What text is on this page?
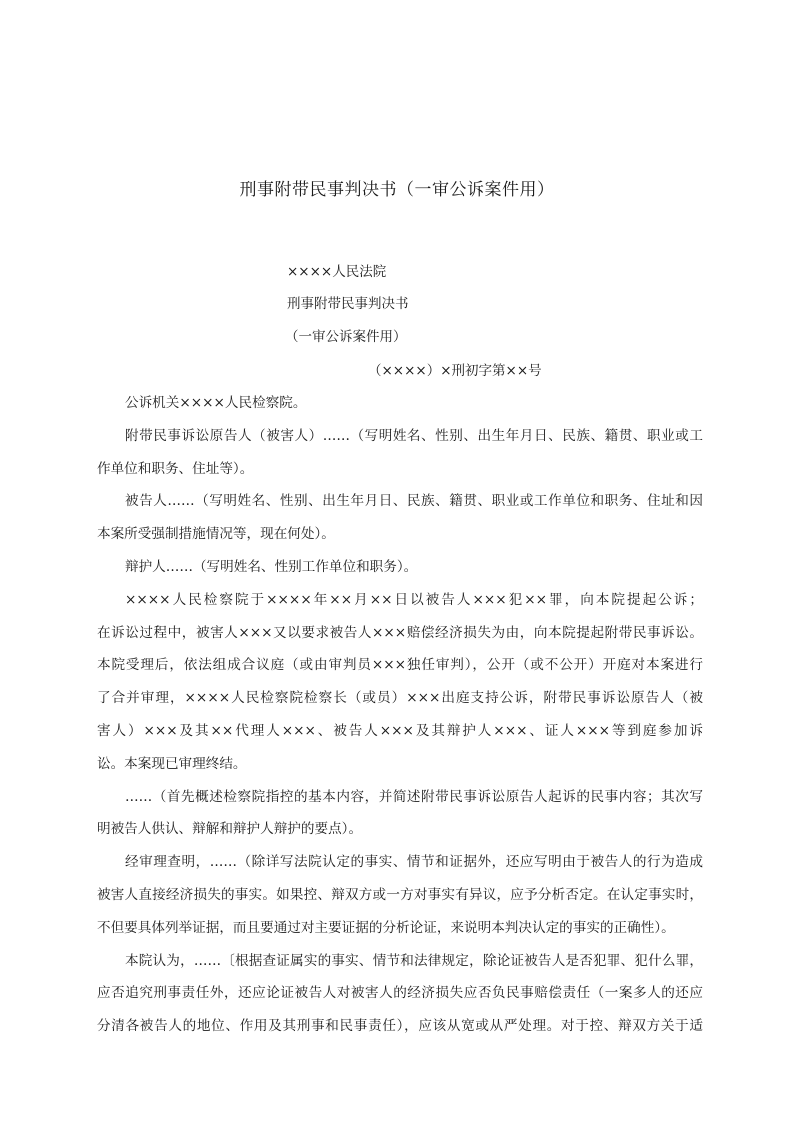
刑事附带民事判决书（一审公诉案件用）
××××人民法院
刑事附带民事判决书
（一审公诉案件用）
（××××）×刑初字第××号
公诉机关××××人民检察院。
附带民事诉讼原告人（被害人）……（写明姓名、性别、出生年月日、民族、籍贯、职业或工
作单位和职务、住址等）。
被告人……（写明姓名、性别、出生年月日、民族、籍贯、职业或工作单位和职务、住址和因
本案所受强制措施情况等，现在何处）。
辩护人……（写明姓名、性别工作单位和职务）。
××××人民检察院于××××年××月××日以被告人×××犯××罪，向本院提起公诉；
在诉讼过程中，被害人×××又以要求被告人×××赔偿经济损失为由，向本院提起附带民事诉讼。
本院受理后，依法组成合议庭（或由审判员×××独任审判），公开（或不公开）开庭对本案进行
了合并审理，××××人民检察院检察长（或员）×××出庭支持公诉，附带民事诉讼原告人（被
害人）×××及其××代理人×××、被告人×××及其辩护人×××、证人×××等到庭参加诉
讼。本案现已审理终结。
……（首先概述检察院指控的基本内容，并简述附带民事诉讼原告人起诉的民事内容；其次写
明被告人供认、辩解和辩护人辩护的要点）。
经审理查明，……（除详写法院认定的事实、情节和证据外，还应写明由于被告人的行为造成
被害人直接经济损失的事实。如果控、辩双方或一方对事实有异议，应予分析否定。在认定事实时，
不但要具体列举证据，而且要通过对主要证据的分析论证，来说明本判决认定的事实的正确性）。
本院认为，……〔根据查证属实的事实、情节和法律规定，除论证被告人是否犯罪、犯什么罪，
应否追究刑事责任外，还应论证被告人对被害人的经济损失应否负民事赔偿责任（一案多人的还应
分清各被告人的地位、作用及其刑事和民事责任），应该从宽或从严处理。对于控、辩双方关于适
